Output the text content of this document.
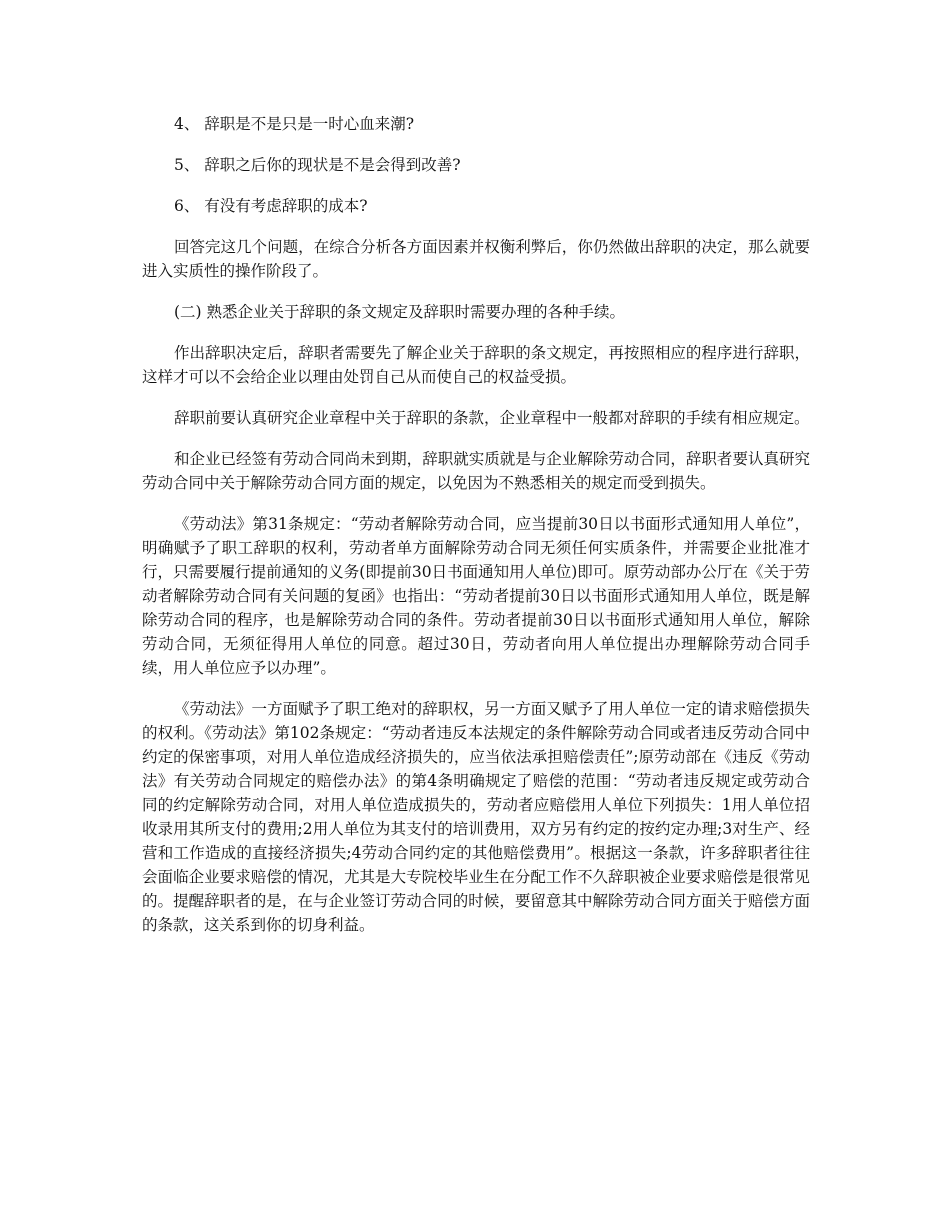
4、 辞职是不是只是一时心血来潮?

5、 辞职之后你的现状是不是会得到改善?

6、 有没有考虑辞职的成本?

回答完这几个问题，在综合分析各方面因素并权衡利弊后，你仍然做出辞职的决定，那么就要进入实质性的操作阶段了。

(二) 熟悉企业关于辞职的条文规定及辞职时需要办理的各种手续。

作出辞职决定后，辞职者需要先了解企业关于辞职的条文规定，再按照相应的程序进行辞职，这样才可以不会给企业以理由处罚自己从而使自己的权益受损。

辞职前要认真研究企业章程中关于辞职的条款，企业章程中一般都对辞职的手续有相应规定。

和企业已经签有劳动合同尚未到期，辞职就实质就是与企业解除劳动合同，辞职者要认真研究劳动合同中关于解除劳动合同方面的规定，以免因为不熟悉相关的规定而受到损失。

《劳动法》第31条规定：“劳动者解除劳动合同，应当提前30日以书面形式通知用人单位”，明确赋予了职工辞职的权利，劳动者单方面解除劳动合同无须任何实质条件，并需要企业批准才行，只需要履行提前通知的义务(即提前30日书面通知用人单位)即可。原劳动部办公厅在《关于劳动者解除劳动合同有关问题的复函》也指出：“劳动者提前30日以书面形式通知用人单位，既是解除劳动合同的程序，也是解除劳动合同的条件。劳动者提前30日以书面形式通知用人单位，解除劳动合同，无须征得用人单位的同意。超过30日，劳动者向用人单位提出办理解除劳动合同手续，用人单位应予以办理”。

《劳动法》一方面赋予了职工绝对的辞职权，另一方面又赋予了用人单位一定的请求赔偿损失的权利。《劳动法》第102条规定：“劳动者违反本法规定的条件解除劳动合同或者违反劳动合同中约定的保密事项，对用人单位造成经济损失的，应当依法承担赔偿责任”;原劳动部在《违反《劳动法》有关劳动合同规定的赔偿办法》的第4条明确规定了赔偿的范围：“劳动者违反规定或劳动合同的约定解除劳动合同，对用人单位造成损失的，劳动者应赔偿用人单位下列损失：1用人单位招收录用其所支付的费用;2用人单位为其支付的培训费用，双方另有约定的按约定办理;3对生产、经营和工作造成的直接经济损失;4劳动合同约定的其他赔偿费用”。根据这一条款，许多辞职者往往会面临企业要求赔偿的情况，尤其是大专院校毕业生在分配工作不久辞职被企业要求赔偿是很常见的。提醒辞职者的是，在与企业签订劳动合同的时候，要留意其中解除劳动合同方面关于赔偿方面的条款，这关系到你的切身利益。
